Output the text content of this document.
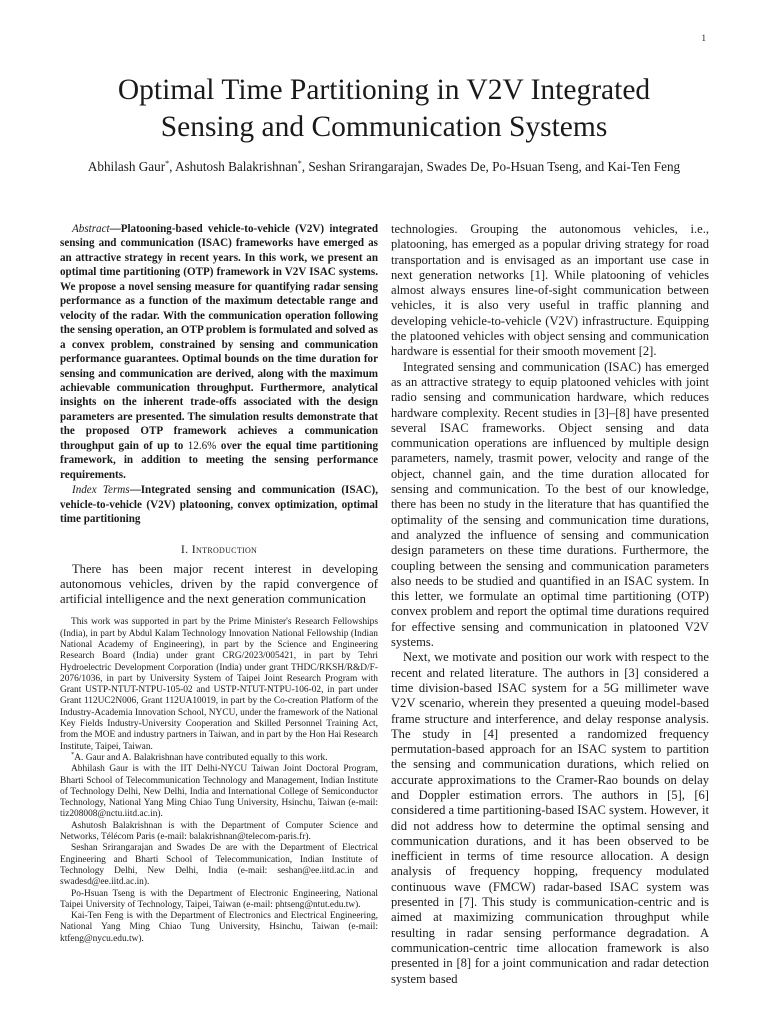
1
Optimal Time Partitioning in V2V Integrated
Sensing and Communication Systems
Abhilash Gaur*, Ashutosh Balakrishnan*, Seshan Srirangarajan, Swades De, Po-Hsuan Tseng, and Kai-Ten Feng

Abstract—Platooning-based vehicle-to-vehicle (V2V) integrated sensing and communication (ISAC) frameworks have emerged as an attractive strategy in recent years. In this work, we present an optimal time partitioning (OTP) framework in V2V ISAC systems. We propose a novel sensing measure for quantifying radar sensing performance as a function of the maximum detectable range and velocity of the radar. With the communication operation following the sensing operation, an OTP problem is formulated and solved as a convex problem, constrained by sensing and communication performance guarantees. Optimal bounds on the time duration for sensing and communication are derived, along with the maximum achievable communication throughput. Furthermore, analytical insights on the inherent trade-offs associated with the design parameters are presented. The simulation results demonstrate that the proposed OTP framework achieves a communication throughput gain of up to 12.6% over the equal time partitioning framework, in addition to meeting the sensing performance requirements.

Index Terms—Integrated sensing and communication (ISAC), vehicle-to-vehicle (V2V) platooning, convex optimization, optimal time partitioning

I. Introduction

There has been major recent interest in developing autonomous vehicles, driven by the rapid convergence of artificial intelligence and the next generation communication

This work was supported in part by the Prime Minister's Research Fellowships (India), in part by Abdul Kalam Technology Innovation National Fellowship (Indian National Academy of Engineering), in part by the Science and Engineering Research Board (India) under grant CRG/2023/005421, in part by Tehri Hydroelectric Development Corporation (India) under grant THDC/RKSH/R&D/F-2076/1036, in part by University System of Taipei Joint Research Program with Grant USTP-NTUT-NTPU-105-02 and USTP-NTUT-NTPU-106-02, in part under Grant 112UC2N006, Grant 112UA10019, in part by the Co-creation Platform of the Industry-Academia Innovation School, NYCU, under the framework of the National Key Fields Industry-University Cooperation and Skilled Personnel Training Act, from the MOE and industry partners in Taiwan, and in part by the Hon Hai Research Institute, Taipei, Taiwan.

*A. Gaur and A. Balakrishnan have contributed equally to this work.

Abhilash Gaur is with the IIT Delhi-NYCU Taiwan Joint Doctoral Program, Bharti School of Telecommunication Technology and Management, Indian Institute of Technology Delhi, New Delhi, India and International College of Semiconductor Technology, National Yang Ming Chiao Tung University, Hsinchu, Taiwan (e-mail: tiz208008@nctu.iitd.ac.in).

Ashutosh Balakrishnan is with the Department of Computer Science and Networks, Télécom Paris (e-mail: balakrishnan@telecom-paris.fr).

Seshan Srirangarajan and Swades De are with the Department of Electrical Engineering and Bharti School of Telecommunication, Indian Institute of Technology Delhi, New Delhi, India (e-mail: seshan@ee.iitd.ac.in and swadesd@ee.iitd.ac.in).

Po-Hsuan Tseng is with the Department of Electronic Engineering, National Taipei University of Technology, Taipei, Taiwan (e-mail: phtseng@ntut.edu.tw).

Kai-Ten Feng is with the Department of Electronics and Electrical Engineering, National Yang Ming Chiao Tung University, Hsinchu, Taiwan (e-mail: ktfeng@nycu.edu.tw).

technologies. Grouping the autonomous vehicles, i.e., platooning, has emerged as a popular driving strategy for road transportation and is envisaged as an important use case in next generation networks [1]. While platooning of vehicles almost always ensures line-of-sight communication between vehicles, it is also very useful in traffic planning and developing vehicle-to-vehicle (V2V) infrastructure. Equipping the platooned vehicles with object sensing and communication hardware is essential for their smooth movement [2].

Integrated sensing and communication (ISAC) has emerged as an attractive strategy to equip platooned vehicles with joint radio sensing and communication hardware, which reduces hardware complexity. Recent studies in [3]–[8] have presented several ISAC frameworks. Object sensing and data communication operations are influenced by multiple design parameters, namely, trasmit power, velocity and range of the object, channel gain, and the time duration allocated for sensing and communication. To the best of our knowledge, there has been no study in the literature that has quantified the optimality of the sensing and communication time durations, and analyzed the influence of sensing and communication design parameters on these time durations. Furthermore, the coupling between the sensing and communication parameters also needs to be studied and quantified in an ISAC system. In this letter, we formulate an optimal time partitioning (OTP) convex problem and report the optimal time durations required for effective sensing and communication in platooned V2V systems.

Next, we motivate and position our work with respect to the recent and related literature. The authors in [3] considered a time division-based ISAC system for a 5G millimeter wave V2V scenario, wherein they presented a queuing model-based frame structure and interference, and delay response analysis. The study in [4] presented a randomized frequency permutation-based approach for an ISAC system to partition the sensing and communication durations, which relied on accurate approximations to the Cramer-Rao bounds on delay and Doppler estimation errors. The authors in [5], [6] considered a time partitioning-based ISAC system. However, it did not address how to determine the optimal sensing and communication durations, and it has been observed to be inefficient in terms of time resource allocation. A design analysis of frequency hopping, frequency modulated continuous wave (FMCW) radar-based ISAC system was presented in [7]. This study is communication-centric and is aimed at maximizing communication throughput while resulting in radar sensing performance degradation. A communication-centric time allocation framework is also presented in [8] for a joint communication and radar detection system based
